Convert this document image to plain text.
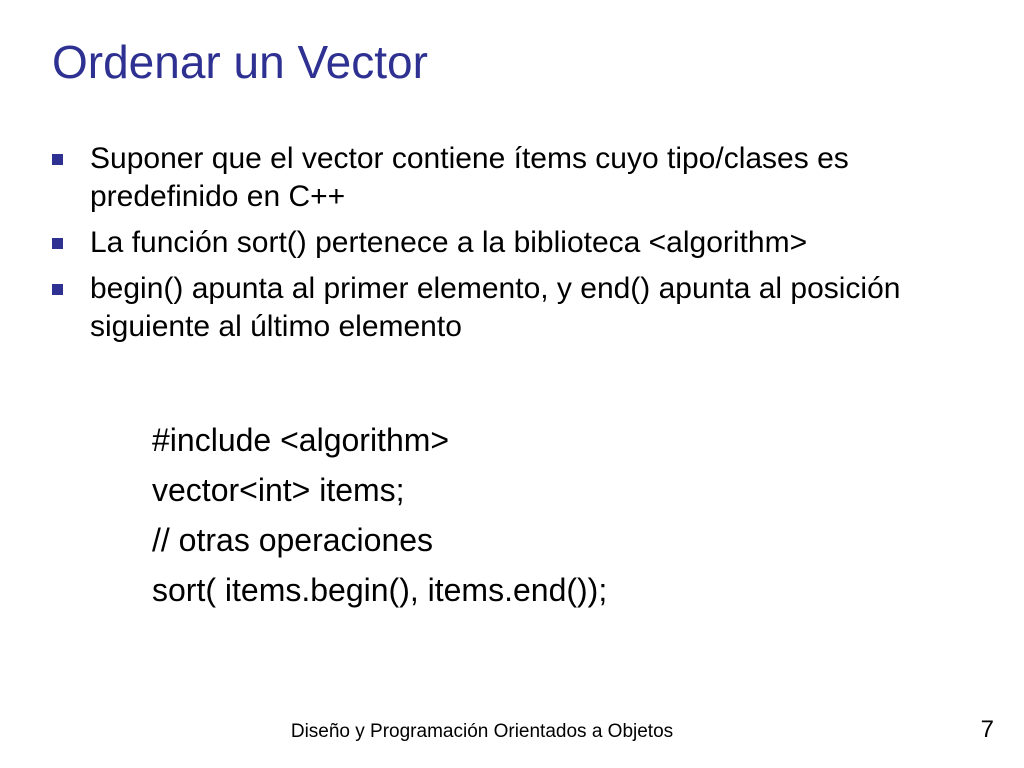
Ordenar un Vector
Suponer que el vector contiene ítems cuyo tipo/clases es predefinido en C++
La función sort() pertenece a la biblioteca <algorithm>
begin() apunta al primer elemento, y end() apunta al posición siguiente al último elemento
#include <algorithm>
vector<int> items;
// otras operaciones
sort( items.begin(), items.end());
Diseño y Programación Orientados a Objetos	7
